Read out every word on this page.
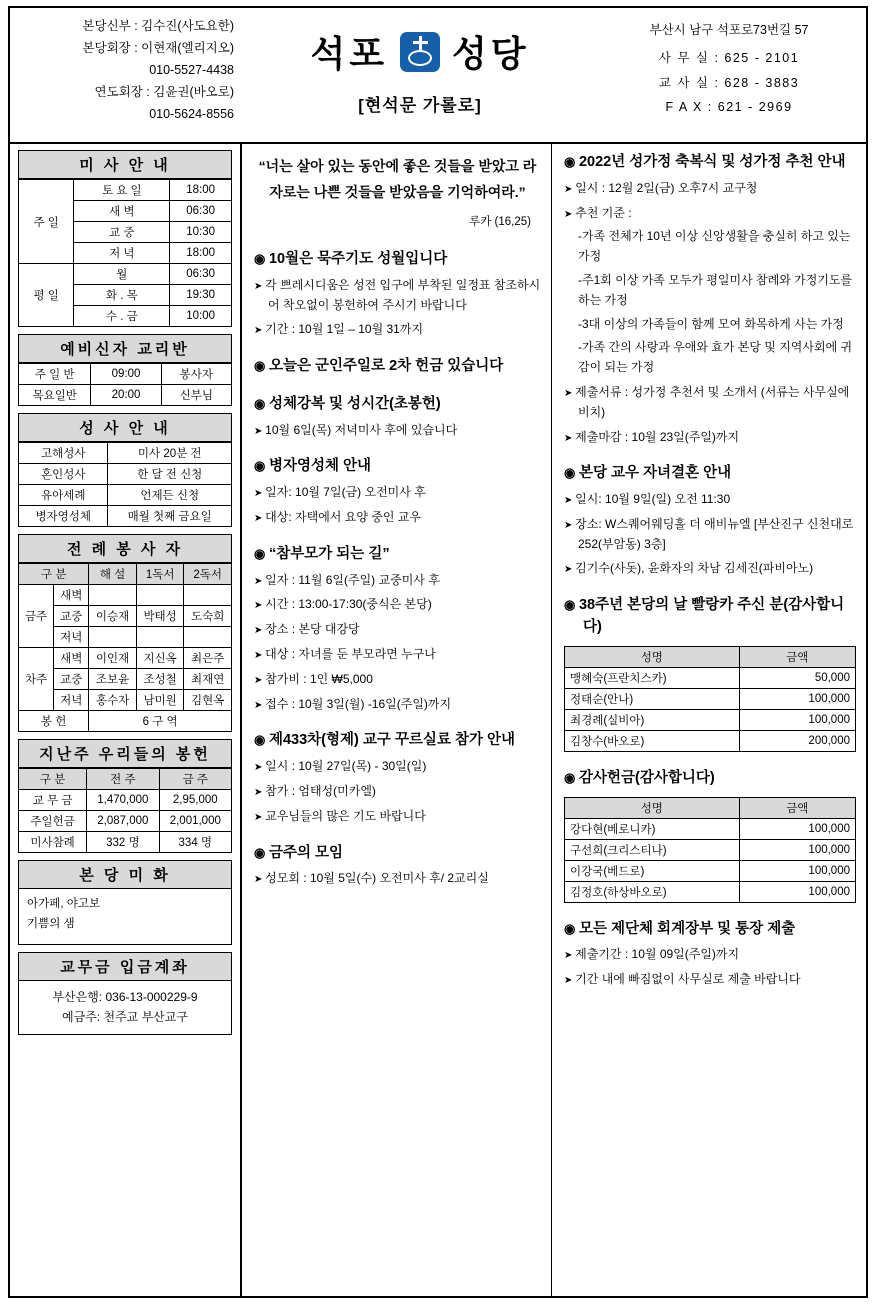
본당신부 : 김수진(사도요한)
본당회장 : 이현재(엘리지오)
010-5527-4438
연도회장 : 김윤권(바오로)
010-5624-8556
석포 성당
[현석문 가롤로]
부산시 남구 석포로73번길 57
사 무 실 : 625 - 2101
교 사 실 : 628 - 3883
F A X : 621 - 2969
미 사 안 내
주 일	토 요 일	18:00
	새 벽	06:30
	교 중	10:30
	저 녁	18:00
평 일	월	06:30
	화 . 목	19:30
	수 . 금	10:00
예비신자 교리반
주 일 반	09:00	봉사자
목요일반	20:00	신부님
성 사 안 내
고해성사	미사 20분 전
혼인성사	한 달 전 신청
유아세례	언제든 신청
병자영성체	매월 첫째 금요일
전 례 봉 사 자
구 분		해 설	1독서	2독서
금주	새벽			
	교중	이승재	박태성	도숙희
	저녁			
차주	새벽	이인재	지신옥	최은주
	교중	조보윤	조성철	최재연
	저녁	홍수자	남미원	김현옥
봉 헌		6 구 역		
지난주 우리들의 봉헌
구 분	전 주	금 주
교 무 금	1,470,000	2,95,000
주일헌금	2,087,000	2,001,000
미사참례	332 명	334 명
본 당 미 화
아가페, 야고보
기쁨의 샘
교무금 입금계좌
부산은행: 036-13-000229-9
예금주: 천주교 부산교구
“너는 살아 있는 동안에 좋은 것들을 받았고 라자로는 나쁜 것들을 받았음을 기억하여라.”
루카 (16,25)
◉ 10월은 묵주기도 성월입니다
➤ 각 쁘레시디움은 성전 입구에 부착된 일정표 참조하시어 착오없이 봉헌하여 주시기 바랍니다
➤ 기간 : 10월 1일 – 10월 31까지
◉ 오늘은 군인주일로 2차 헌금 있습니다
◉ 성체강복 및 성시간(초봉헌)
➤ 10월 6일(목) 저녁미사 후에 있습니다
◉ 병자영성체 안내
➤ 일자: 10월 7일(금) 오전미사 후
➤ 대상: 자택에서 요양 중인 교우
◉ “참부모가 되는 길”
➤ 일자 : 11월 6일(주일) 교중미사 후
➤ 시간 : 13:00-17:30(중식은 본당)
➤ 장소 : 본당 대강당
➤ 대상 : 자녀를 둔 부모라면 누구나
➤ 참가비 : 1인 ₩5,000
➤ 접수 : 10월 3일(월) -16일(주일)까지
◉ 제433차(형제) 교구 꾸르실료 참가 안내
➤ 일시 : 10월 27일(목) - 30일(일)
➤ 참가 : 엄태성(미카엘)
➤ 교우님들의 많은 기도 바랍니다
◉ 금주의 모임
➤ 성모회 : 10월 5일(수) 오전미사 후/ 2교리실
◉ 2022년 성가정 축복식 및 성가정 추천 안내
➤ 일시 : 12월 2일(금) 오후7시 교구청
➤ 추천 기준 :
-가족 전체가 10년 이상 신앙생활을 충실히 하고 있는 가정
-주1회 이상 가족 모두가 평일미사 참례와 가정기도를 하는 가정
-3대 이상의 가족들이 함께 모여 화목하게 사는 가정
-가족 간의 사랑과 우애와 효가 본당 및 지역사회에 귀감이 되는 가정
➤ 제출서류 : 성가정 추천서 및 소개서 (서류는 사무실에 비치)
➤ 제출마감 : 10월 23일(주일)까지
◉ 본당 교우 자녀결혼 안내
➤ 일시: 10월 9일(일) 오전 11:30
➤ 장소: W스퀘어웨딩홀 더 애비뉴엘 [부산진구 신천대로 252(부암동) 3층]
➤ 김기수(사돗), 윤화자의 차남 김세진(파비아노)
◉ 38주년 본당의 날 빨랑카 주신 분(감사합니다)
성명	금액
맹혜숙(프란치스카)	50,000
정태순(안나)	100,000
최경례(실비아)	100,000
김창수(바오로)	200,000
◉ 감사헌금(감사합니다)
성명	금액
강다현(베로니카)	100,000
구선희(크리스티나)	100,000
이강국(베드로)	100,000
김정호(하상바오로)	100,000
◉ 모든 제단체 회계장부 및 통장 제출
➤ 제출기간 : 10월 09일(주일)까지
➤ 기간 내에 빠짐없이 사무실로 제출 바랍니다
